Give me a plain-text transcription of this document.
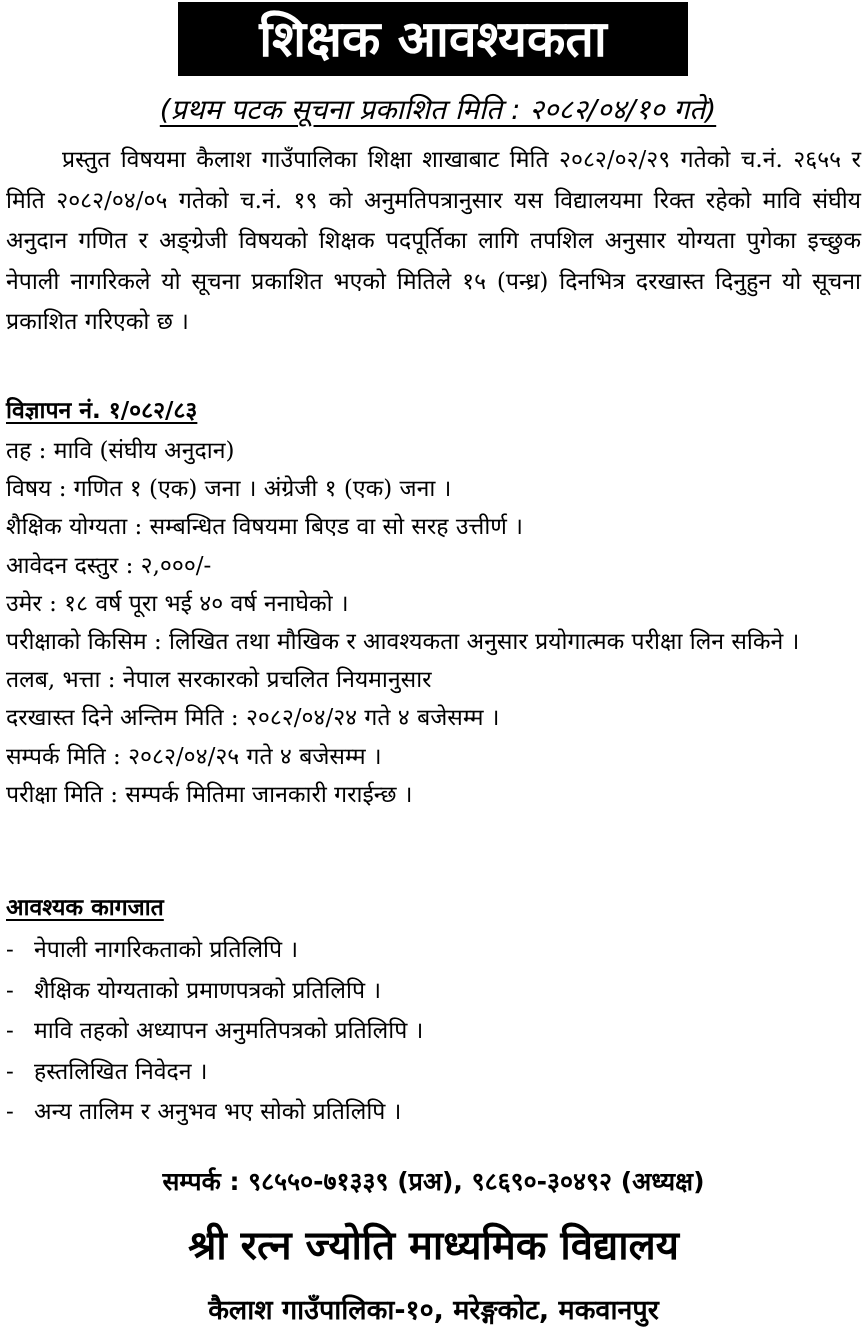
शिक्षक आवश्यकता
(प्रथम पटक सूचना प्रकाशित मिति : २०८२/०४/१० गते)

प्रस्तुत विषयमा कैलाश गाउँपालिका शिक्षा शाखाबाट मिति २०८२/०२/२९ गतेको च.नं. २६५५ र मिति २०८२/०४/०५ गतेको च.नं. १९ को अनुमतिपत्रानुसार यस विद्यालयमा रिक्त रहेको मावि संघीय अनुदान गणित र अङ्ग्रेजी विषयको शिक्षक पदपूर्तिका लागि तपशिल अनुसार योग्यता पुगेका इच्छुक नेपाली नागरिकले यो सूचना प्रकाशित भएको मितिले १५ (पन्ध्र) दिनभित्र दरखास्त दिनुहुन यो सूचना प्रकाशित गरिएको छ ।

विज्ञापन नं. १/०८२/८३

तह : मावि (संघीय अनुदान)

विषय : गणित १ (एक) जना । अंग्रेजी १ (एक) जना ।

शैक्षिक योग्यता : सम्बन्धित विषयमा बिएड वा सो सरह उत्तीर्ण ।

आवेदन दस्तुर : २,०००/-

उमेर : १८ वर्ष पूरा भई ४० वर्ष ननाघेको ।

परीक्षाको किसिम : लिखित तथा मौखिक र आवश्यकता अनुसार प्रयोगात्मक परीक्षा लिन सकिने ।

तलब, भत्ता : नेपाल सरकारको प्रचलित नियमानुसार

दरखास्त दिने अन्तिम मिति : २०८२/०४/२४ गते ४ बजेसम्म ।

सम्पर्क मिति : २०८२/०४/२५ गते ४ बजेसम्म ।

परीक्षा मिति : सम्पर्क मितिमा जानकारी गराईन्छ ।

आवश्यक कागजात
- नेपाली नागरिकताको प्रतिलिपि ।
- शैक्षिक योग्यताको प्रमाणपत्रको प्रतिलिपि ।
- मावि तहको अध्यापन अनुमतिपत्रको प्रतिलिपि ।
- हस्तलिखित निवेदन ।
- अन्य तालिम र अनुभव भए सोको प्रतिलिपि ।
सम्पर्क : ९८५५०-७१३३९ (प्रअ), ९८६९०-३०४९२ (अध्यक्ष)
श्री रत्न ज्योति माध्यमिक विद्यालय
कैलाश गाउँपालिका-१०, मरेङ्गकोट, मकवानपुर
